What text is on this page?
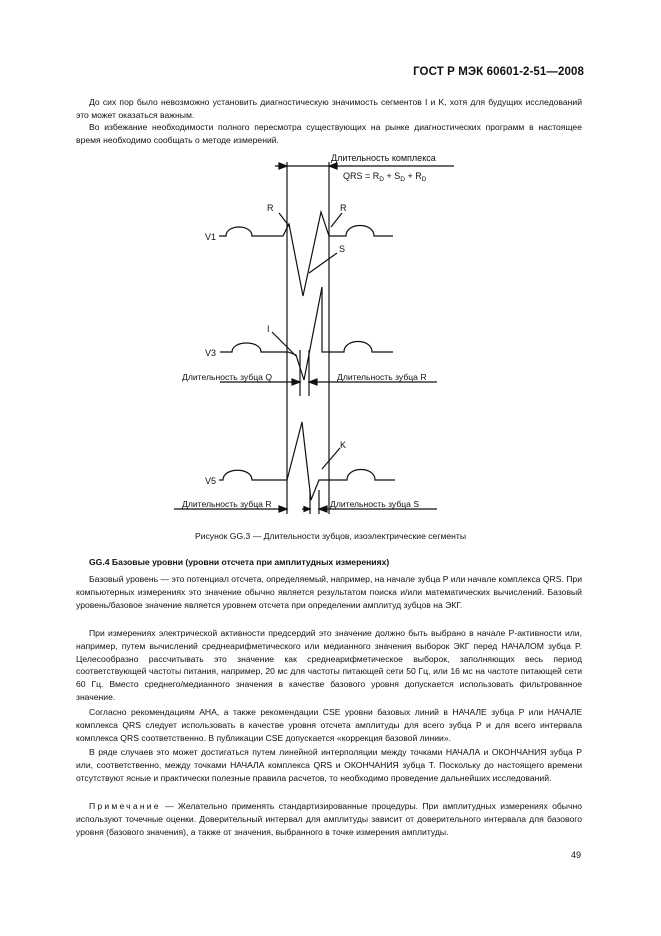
ГОСТ Р МЭК 60601-2-51—2008

До сих пор было невозможно установить диагностическую значимость сегментов I и K, хотя для будущих исследований это может оказаться важным.

Во избежание необходимости полного пересмотра существующих на рынке диагностических программ в настоящее время необходимо сообщать о методе измерений.

Длительность комплекса
QRS = $R_D + S_D + R_D$
V1
R	R
S
V3
I
Длительность зубца Q	Длительность зубца R
V5
K
Длительность зубца R	Длительность зубца S
Рисунок GG.3 — Длительности зубцов, изоэлектрические сегменты
GG.4 Базовые уровни (уровни отсчета при амплитудных измерениях)

Базовый уровень — это потенциал отсчета, определяемый, например, на начале зубца P или начале комплекса QRS. При компьютерных измерениях это значение обычно является результатом поиска и/или математических вычислений. Базовый уровень/базовое значение является уровнем отсчета при определении амплитуд зубцов на ЭКГ.

При измерениях электрической активности предсердий это значение должно быть выбрано в начале P-активности или, например, путем вычислений среднеарифметического или медианного значения выборок ЭКГ перед НАЧАЛОМ зубца P. Целесообразно рассчитывать это значение как среднеарифметическое выборок, заполняющих весь период соответствующей частоты питания, например, 20 мс для частоты питающей сети 50 Гц, или 16 мс на частоте питающей сети 60 Гц. Вместо среднего/медианного значения в качестве базового уровня допускается использовать фильтрованное значение.

Согласно рекомендациям АНА, а также рекомендации CSE уровни базовых линий в НАЧАЛЕ зубца P или НАЧАЛЕ комплекса QRS следует использовать в качестве уровня отсчета амплитуды для всего зубца P и для всего интервала комплекса QRS соответственно. В публикации CSE допускается «коррекция базовой линии».

В ряде случаев это может достигаться путем линейной интерполяции между точками НАЧАЛА и ОКОНЧАНИЯ зубца P или, соответственно, между точками НАЧАЛА комплекса QRS и ОКОНЧАНИЯ зубца T. Поскольку до настоящего времени отсутствуют ясные и практически полезные правила расчетов, то необходимо проведение дальнейших исследований.

Примечание — Желательно применять стандартизированные процедуры. При амплитудных измерениях обычно используют точечные оценки. Доверительный интервал для амплитуды зависит от доверительного интервала для базового уровня (базового значения), а также от значения, выбранного в точке измерения амплитуды.

49
